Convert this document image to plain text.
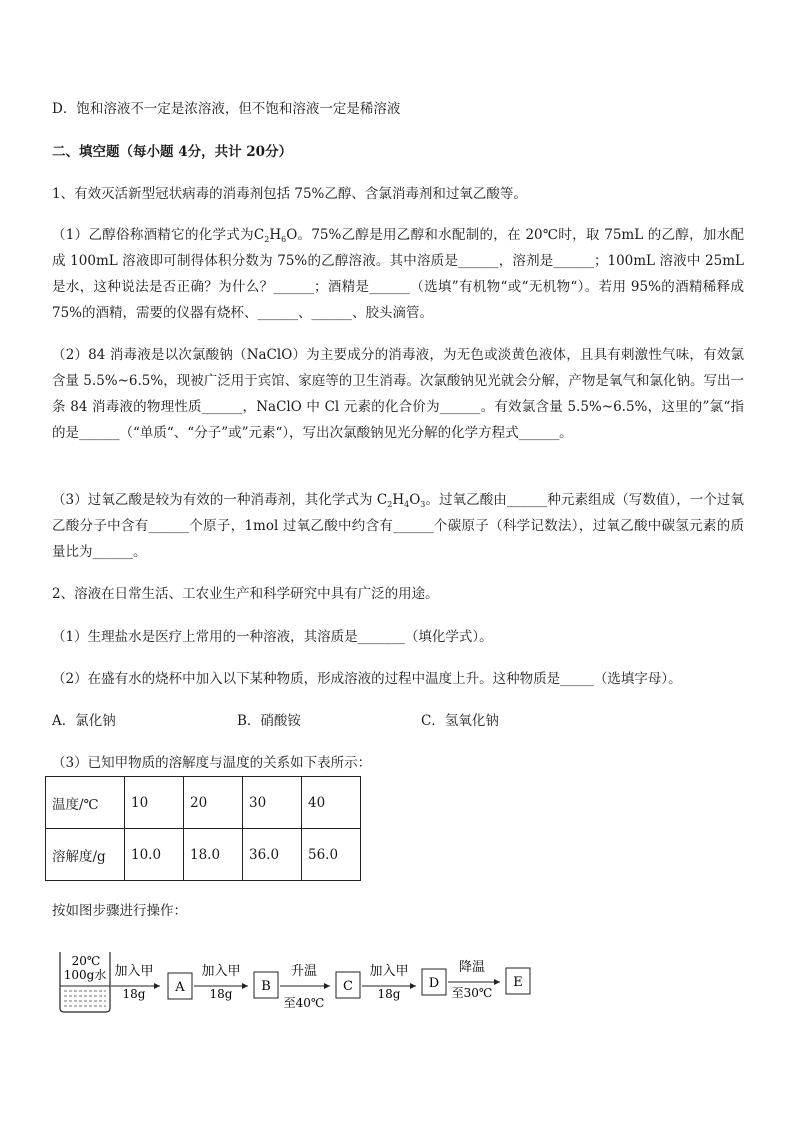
D．饱和溶液不一定是浓溶液，但不饱和溶液一定是稀溶液
二、填空题（每小题 4分，共计 20分）
1、有效灭活新型冠状病毒的消毒剂包括 75%乙醇、含氯消毒剂和过氧乙酸等。
（1）乙醇俗称酒精它的化学式为$C_2H_6O$。75%乙醇是用乙醇和水配制的，在 20℃时，取 75mL 的乙醇，加水配成 100mL 溶液即可制得体积分数为 75%的乙醇溶液。其中溶质是______，溶剂是______；100mL 溶液中 25mL 是水，这种说法是否正确？为什么？______；酒精是______（选填”有机物“或“无机物“）。若用 95%的酒精稀释成 75%的酒精，需要的仪器有烧杯、______、______、胶头滴管。
（2）84 消毒液是以次氯酸钠（NaClO）为主要成分的消毒液，为无色或淡黄色液体，且具有刺激性气味，有效氯含量 5.5%~6.5%，现被广泛用于宾馆、家庭等的卫生消毒。次氯酸钠见光就会分解，产物是氧气和氯化钠。写出一条 84 消毒液的物理性质______，NaClO 中 Cl 元素的化合价为______。有效氯含量 5.5%~6.5%，这里的”氯“指的是______（“单质“、“分子”或”元素“），写出次氯酸钠见光分解的化学方程式______。
（3）过氧乙酸是较为有效的一种消毒剂，其化学式为 $C_2H_4O_3$。过氧乙酸由______种元素组成（写数值），一个过氧乙酸分子中含有______个原子，1mol 过氧乙酸中约含有______个碳原子（科学记数法），过氧乙酸中碳氢元素的质量比为______。
2、溶液在日常生活、工农业生产和科学研究中具有广泛的用途。
（1）生理盐水是医疗上常用的一种溶液，其溶质是_______（填化学式）。
（2）在盛有水的烧杯中加入以下某种物质，形成溶液的过程中温度上升。这种物质是_____（选填字母）。
A．氯化钠	B．硝酸铵	C．氢氧化钠
（3）已知甲物质的溶解度与温度的关系如下表所示：
温度/℃	10	20	30	40
溶解度/g	10.0	18.0	36.0	56.0
按如图步骤进行操作：
20℃
100g水 加入甲
18g A
加入甲
18g B
升温
至40℃
C
加入甲
18g
D
降温
至30℃
E
